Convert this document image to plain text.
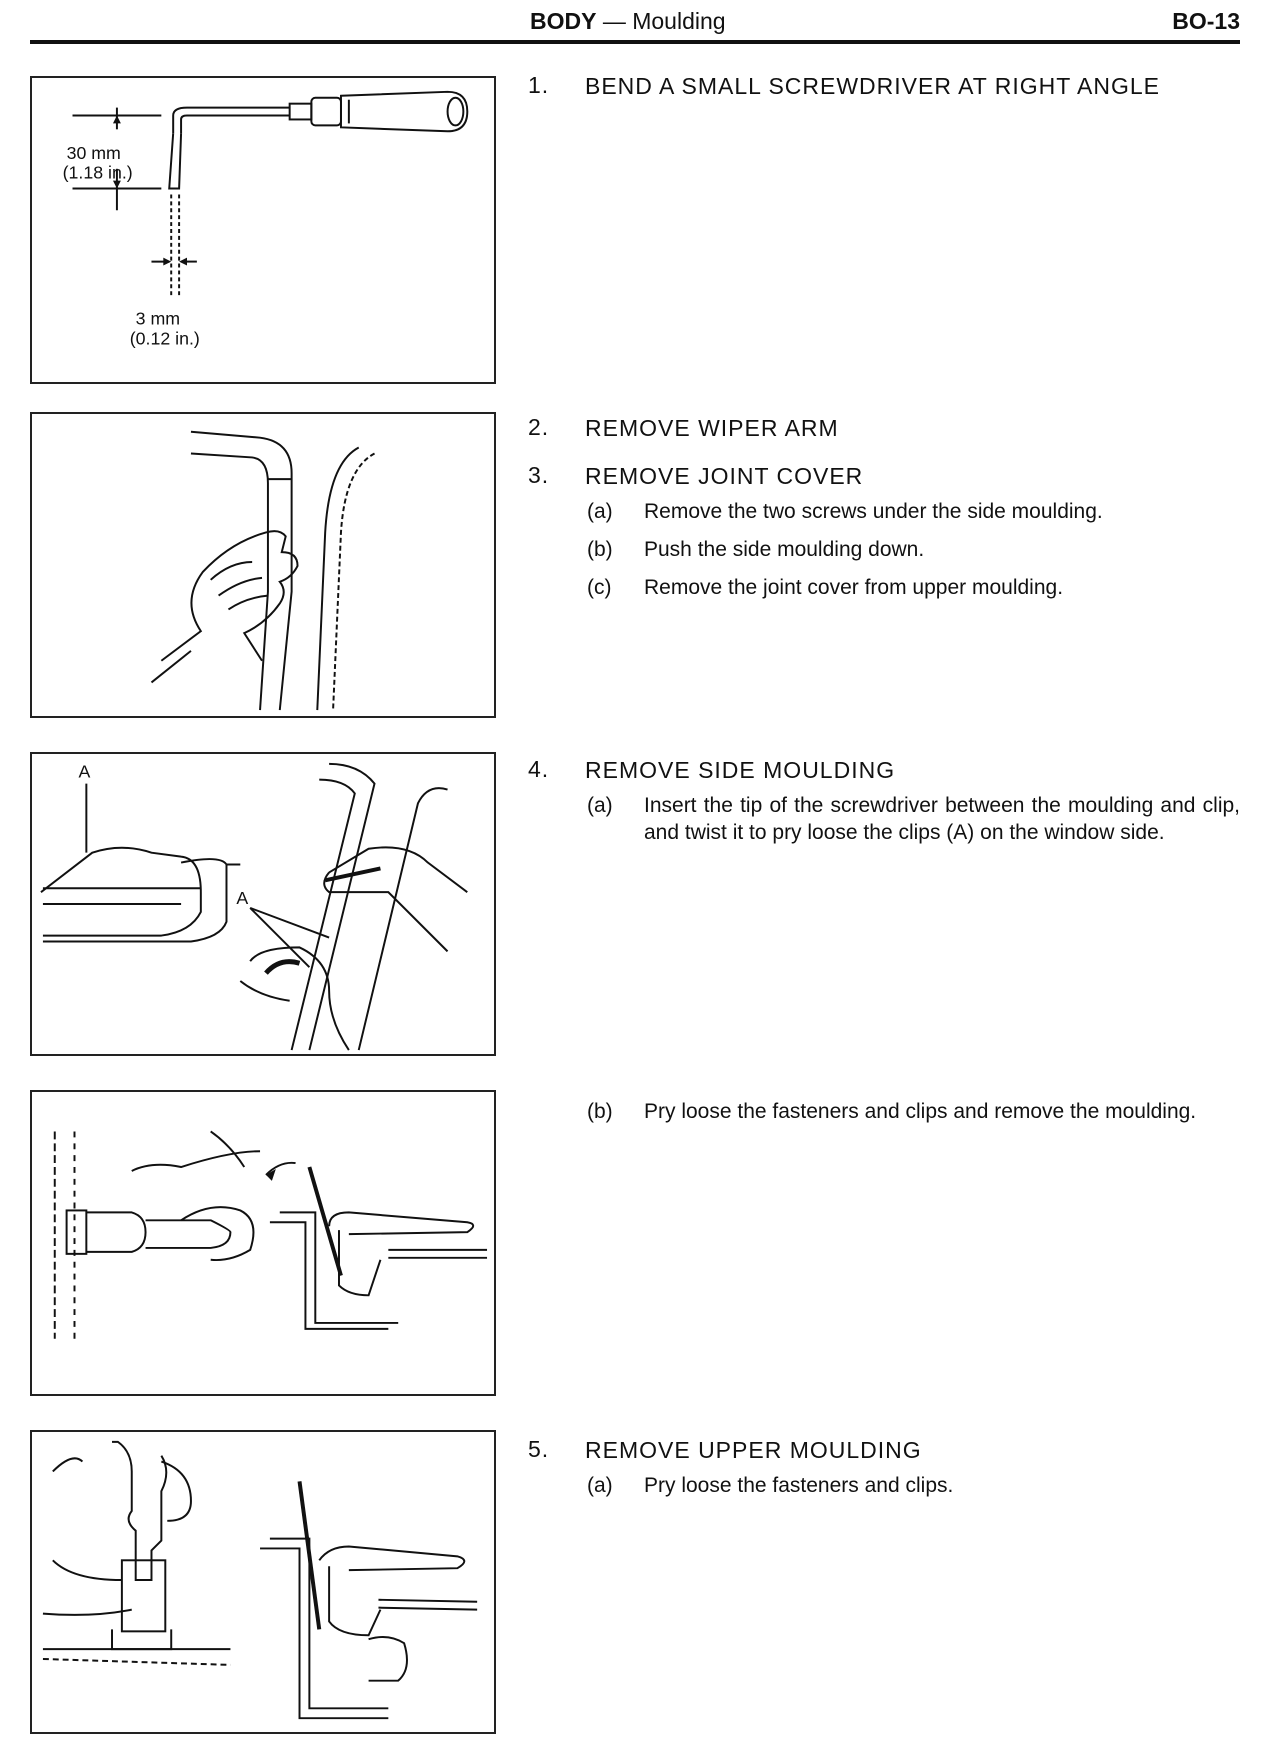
BODY — Moulding	BO-13
30 mm
(1.18 in.)
3 mm
(0.12 in.)
A
A
1. BEND A SMALL SCREWDRIVER AT RIGHT ANGLE
2. REMOVE WIPER ARM
3. REMOVE JOINT COVER
(a) Remove the two screws under the side moulding.
(b) Push the side moulding down.
(c) Remove the joint cover from upper moulding.
4. REMOVE SIDE MOULDING
(a) Insert the tip of the screwdriver between the moulding and clip, and twist it to pry loose the clips (A) on the window side.
(b) Pry loose the fasteners and clips and remove the moulding.
5. REMOVE UPPER MOULDING
(a) Pry loose the fasteners and clips.
